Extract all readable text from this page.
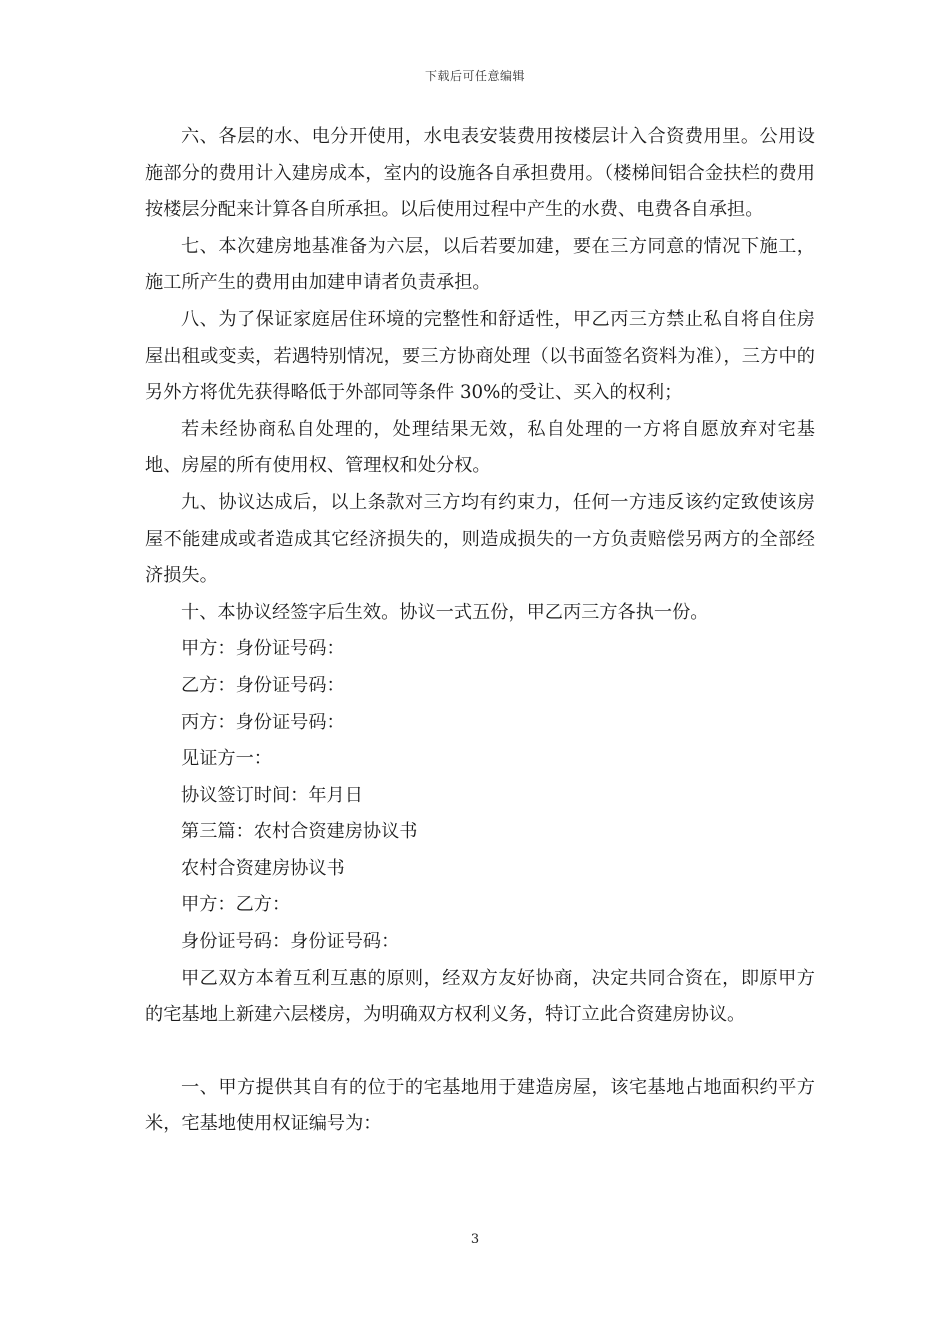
下载后可任意编辑

六、各层的水、电分开使用，水电表安装费用按楼层计入合资费用里。公用设施部分的费用计入建房成本，室内的设施各自承担费用。（楼梯间铝合金扶栏的费用按楼层分配来计算各自所承担。以后使用过程中产生的水费、电费各自承担。

七、本次建房地基准备为六层，以后若要加建，要在三方同意的情况下施工，施工所产生的费用由加建申请者负责承担。

八、为了保证家庭居住环境的完整性和舒适性，甲乙丙三方禁止私自将自住房屋出租或变卖，若遇特别情况，要三方协商处理（以书面签名资料为准），三方中的另外方将优先获得略低于外部同等条件 30%的受让、买入的权利；

若未经协商私自处理的，处理结果无效，私自处理的一方将自愿放弃对宅基地、房屋的所有使用权、管理权和处分权。

九、协议达成后，以上条款对三方均有约束力，任何一方违反该约定致使该房屋不能建成或者造成其它经济损失的，则造成损失的一方负责赔偿另两方的全部经济损失。

十、本协议经签字后生效。协议一式五份，甲乙丙三方各执一份。

甲方：身份证号码：

乙方：身份证号码：

丙方：身份证号码：

见证方一：

协议签订时间：年月日

第三篇：农村合资建房协议书

农村合资建房协议书

甲方：乙方：

身份证号码：身份证号码：

甲乙双方本着互利互惠的原则，经双方友好协商，决定共同合资在，即原甲方的宅基地上新建六层楼房，为明确双方权利义务，特订立此合资建房协议。

一、甲方提供其自有的位于的宅基地用于建造房屋，该宅基地占地面积约平方米，宅基地使用权证编号为：

3
